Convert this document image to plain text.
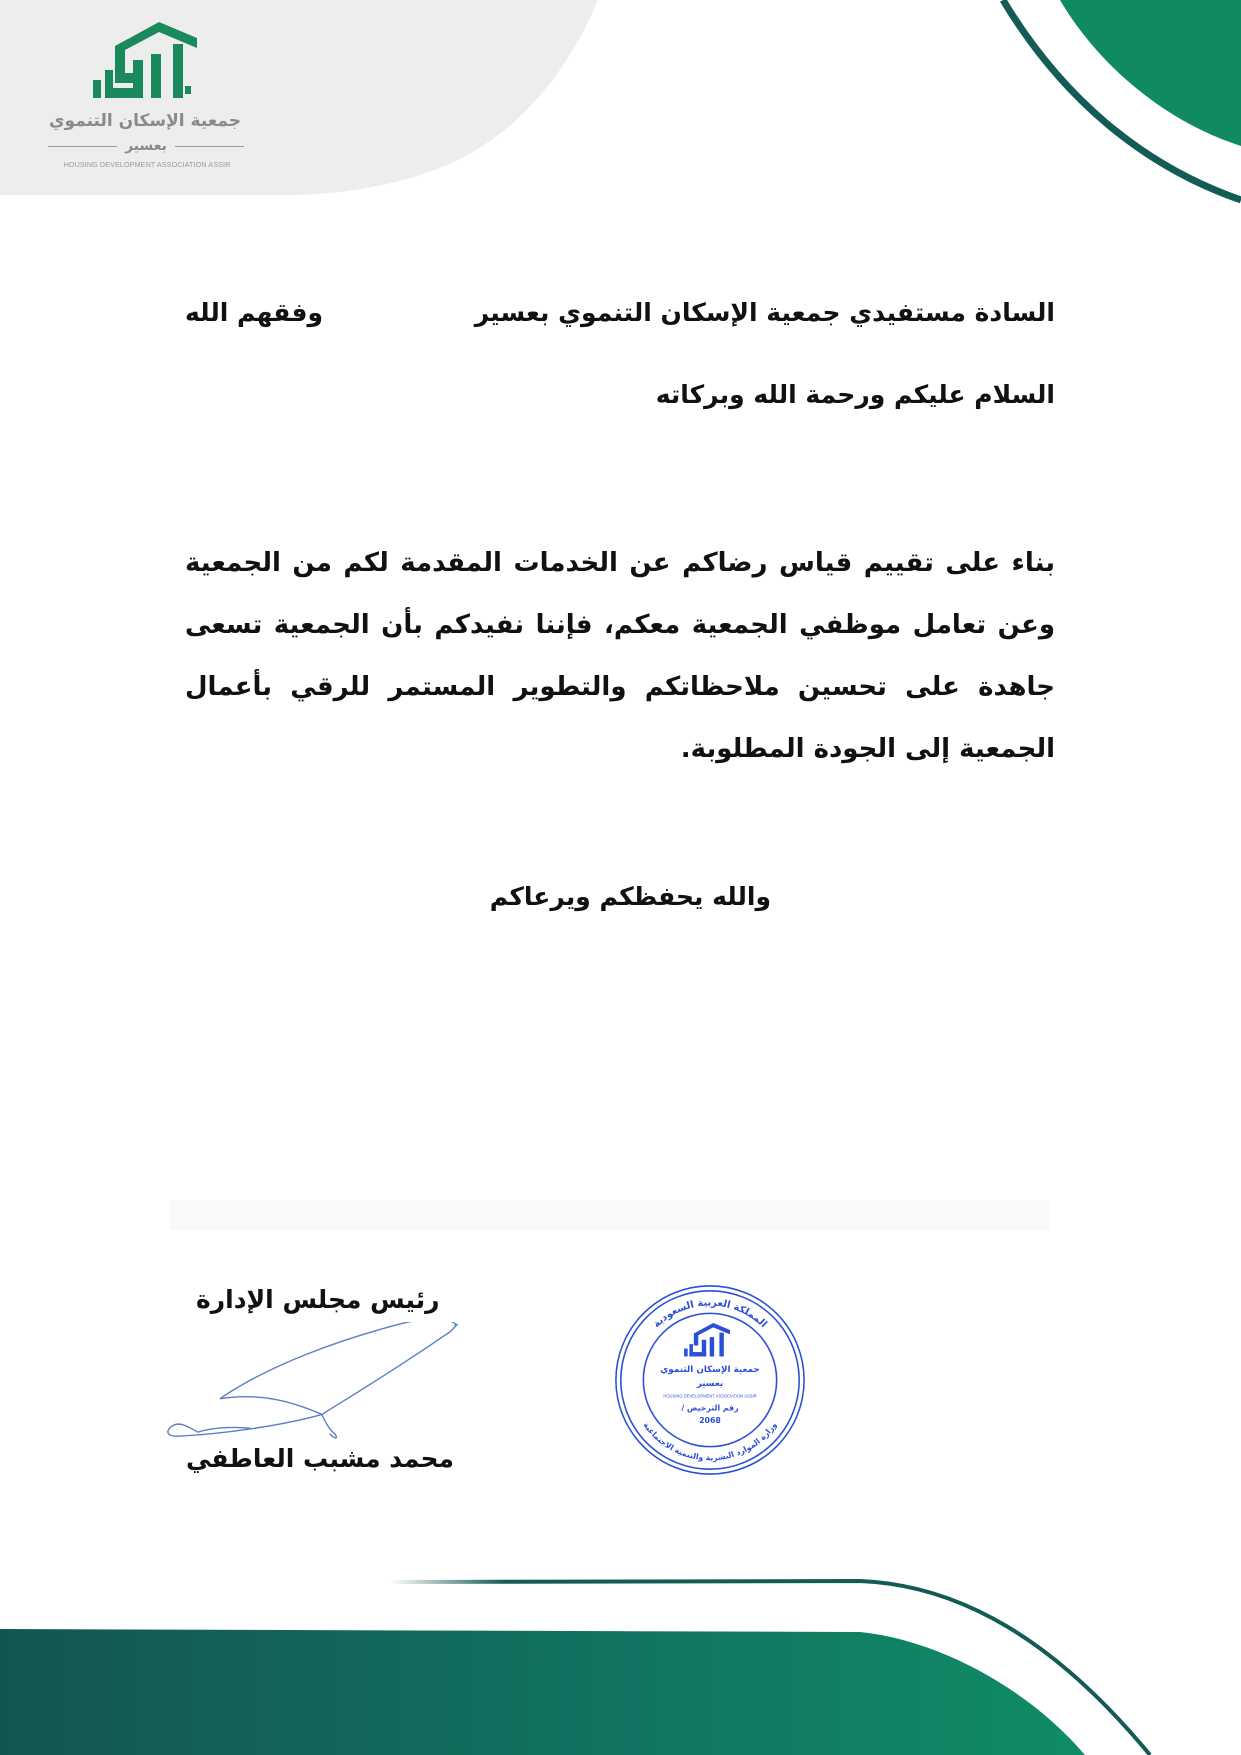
جمعية الإسكان التنموي
بعسير
HOUSING DEVELOPMENT ASSOCIATION ASSIR
السادة مستفيدي جمعية الإسكان التنموي بعسير
وفقهم الله
السلام عليكم ورحمة الله وبركاته
بناء على تقييم قياس رضاكم عن الخدمات المقدمة لكم من الجمعية وعن تعامل موظفي الجمعية معكم، فإننا نفيدكم بأن الجمعية تسعى جاهدة على تحسين ملاحظاتكم والتطوير المستمر للرقي بأعمال الجمعية إلى الجودة المطلوبة.
والله يحفظكم ويرعاكم
رئيس مجلس الإدارة
محمد مشبب العاطفي
المملكة العربية السعودية
وزارة الموارد البشرية والتنمية الاجتماعية
جمعية الإسكان التنموي
بعسير
HOUSING DEVELOPMENT ASSOCIATION ASSIR
رقم الترخيص /
2068
